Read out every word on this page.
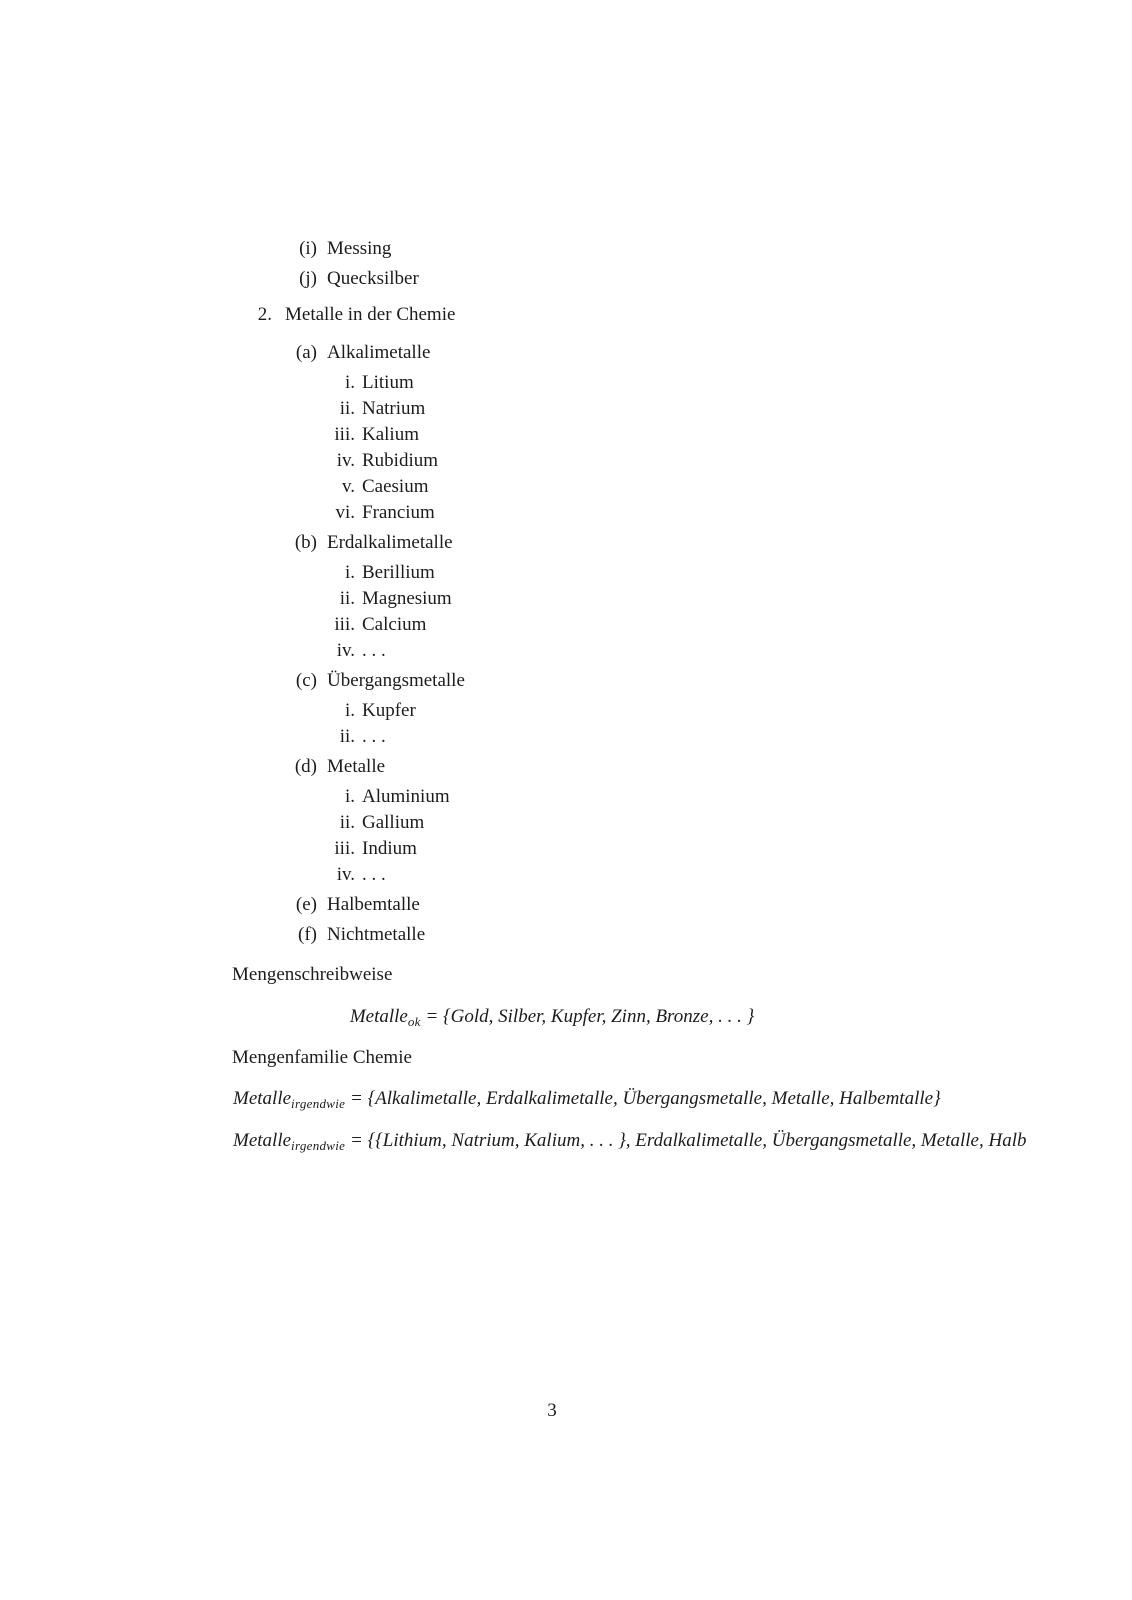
(i) Messing
(j) Quecksilber
2. Metalle in der Chemie
(a) Alkalimetalle
i. Litium
ii. Natrium
iii. Kalium
iv. Rubidium
v. Caesium
vi. Francium
(b) Erdalkalimetalle
i. Berillium
ii. Magnesium
iii. Calcium
iv. . . .
(c) Übergangsmetalle
i. Kupfer
ii. . . .
(d) Metalle
i. Aluminium
ii. Gallium
iii. Indium
iv. . . .
(e) Halbemtalle
(f) Nichtmetalle

Mengenschreibweise

Metalle$_{ok}$ = {Gold, Silber, Kupfer, Zinn, Bronze, . . . }

Mengenfamilie Chemie

Metalle$_{irgendwie}$ = {Alkalimetalle, Erdalkalimetalle, Übergangsmetalle, Metalle, Halbemtalle}
Metalle$_{irgendwie}$ = {{Lithium, Natrium, Kalium, . . . }, Erdalkalimetalle, Übergangsmetalle, Metalle, Halb
3
